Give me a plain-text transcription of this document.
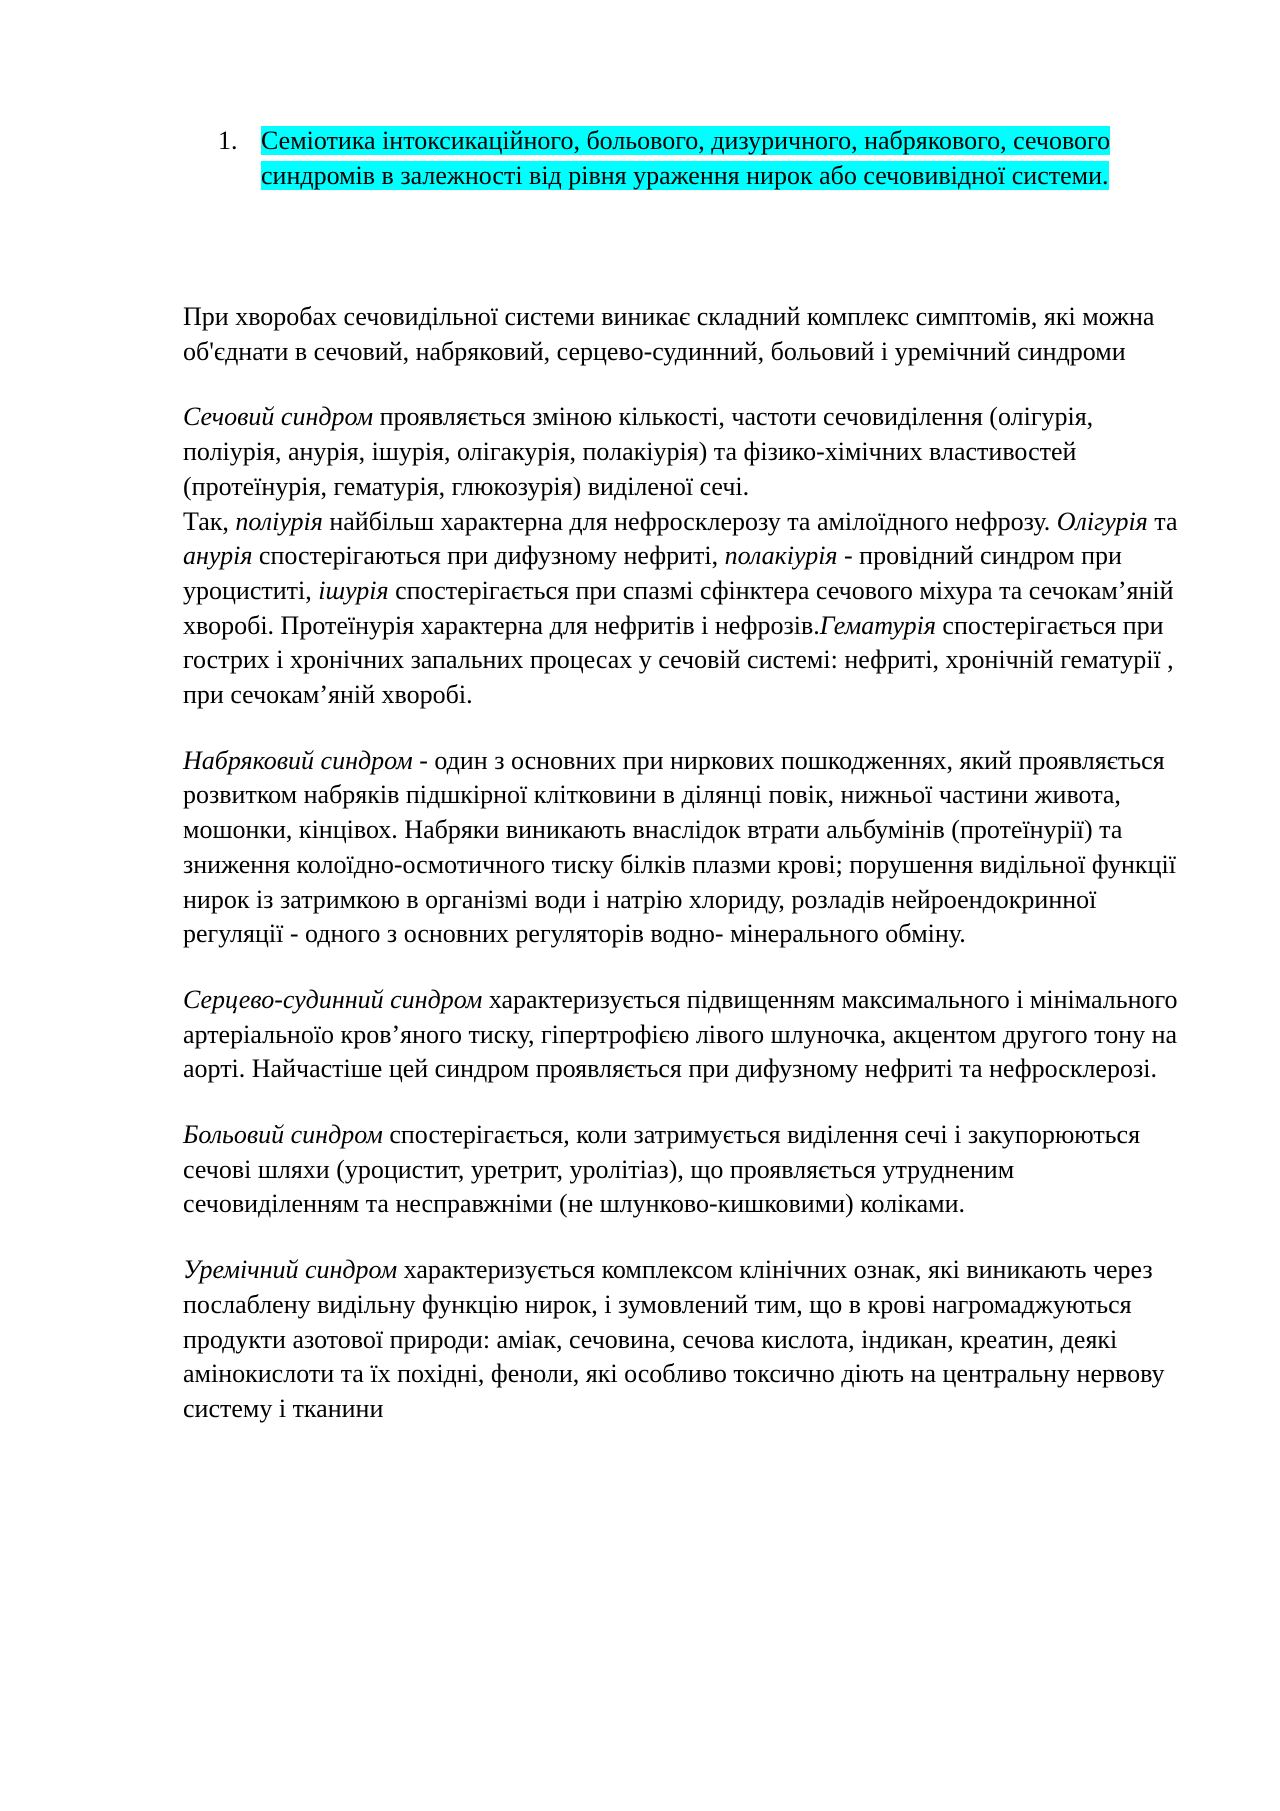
1. Семіотика інтоксикаційного, больового, дизуричного, набрякового, сечового синдромів в залежності від рівня ураження нирок або сечовивідної системи.

При хворобах сечовидільної системи виникає складний комплекс симптомів, які можна об'єднати в сечовий, набряковий, серцево-судинний, больовий і уремічний синдроми

Сечовий синдром проявляється зміною кількості, частоти сечовиділення (олігурія, поліурія, анурія, ішурія, олігакурія, полакіурія) та фізико-хімічних властивостей (протеїнурія, гематурія, глюкозурія) виділеної сечі.

Так, поліурія найбільш характерна для нефросклерозу та амілоїдного нефрозу. Олігурія та анурія спостерігаються при дифузному нефриті, полакіурія - провідний синдром при уроциститі, ішурія спостерігається при спазмі сфінктера сечового міхура та сечокам’яній хворобі. Протеїнурія характерна для нефритів і нефрозів.Гематурія спостерігається при гострих і хронічних запальних процесах у сечовій системі: нефриті, хронічній гематурії , при сечокам’яній хворобі.

Набряковий синдром - один з основних при ниркових пошкодженнях, який проявляється розвитком набряків підшкірної клітковини в ділянці повік, нижньої частини живота, мошонки, кінцівох. Набряки виникають внаслідок втрати альбумінів (протеїнурії) та зниження колоїдно-осмотичного тиску білків плазми крові; порушення видільної функції нирок із затримкою в організмі води і натрію хлориду, розладів нейроендокринної регуляції - одного з основних регуляторів водно- мінерального обміну.

Серцево-судинний синдром характеризується підвищенням максимального і мінімального артеріальноїо кров’яного тиску, гіпертрофією лівого шлуночка, акцентом другого тону на аорті. Найчастіше цей синдром проявляється при дифузному нефриті та нефросклерозі.

Больовий синдром спостерігається, коли затримується виділення сечі і закупорюються сечові шляхи (уроцистит, уретрит, уролітіаз), що проявляється утрудненим сечовиділенням та несправжніми (не шлунково-кишковими) коліками.

Уремічний синдром характеризується комплексом клінічних ознак, які виникають через послаблену видільну функцію нирок, і зумовлений тим, що в крові нагромаджуються продукти азотової природи: аміак, сечовина, сечова кислота, індикан, креатин, деякі амінокислоти та їх похідні, феноли, які особливо токсично діють на центральну нервову систему і тканини
